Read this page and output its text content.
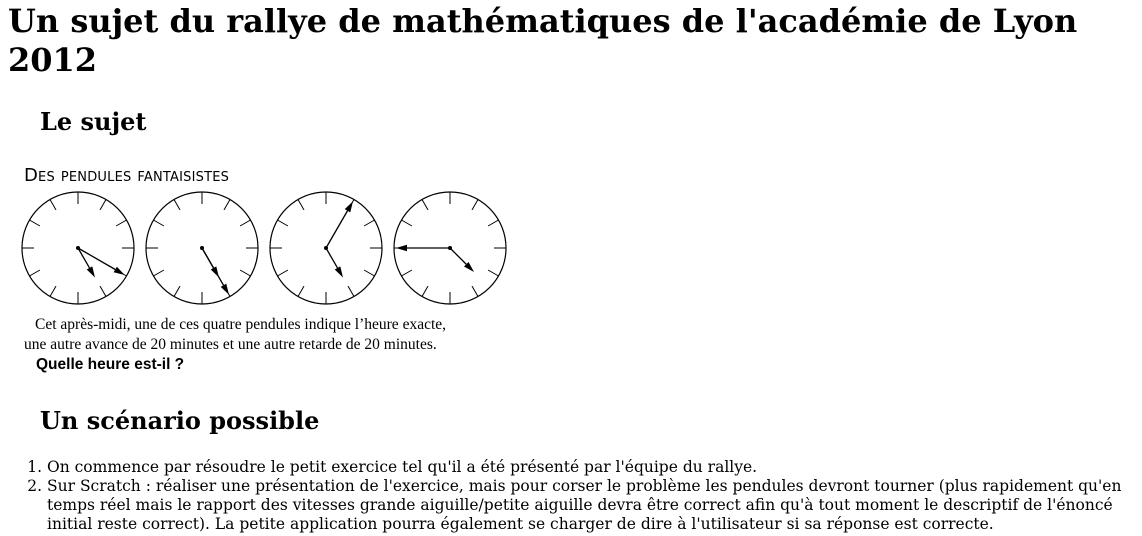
Un sujet du rallye de mathématiques de l'académie de Lyon 2012
Le sujet

Des pendules fantaisistes

Cet après-midi, une de ces quatre pendules indique l’heure exacte,
une autre avance de 20 minutes et une autre retarde de 20 minutes.

Quelle heure est-il ?

Un scénario possible
1. On commence par résoudre le petit exercice tel qu'il a été présenté par l'équipe du rallye.
2. Sur Scratch : réaliser une présentation de l'exercice, mais pour corser le problème les pendules devront tourner (plus rapidement qu'en temps réel mais le rapport des vitesses grande aiguille/petite aiguille devra être correct afin qu'à tout moment le descriptif de l'énoncé initial reste correct). La petite application pourra également se charger de dire à l'utilisateur si sa réponse est correcte.
